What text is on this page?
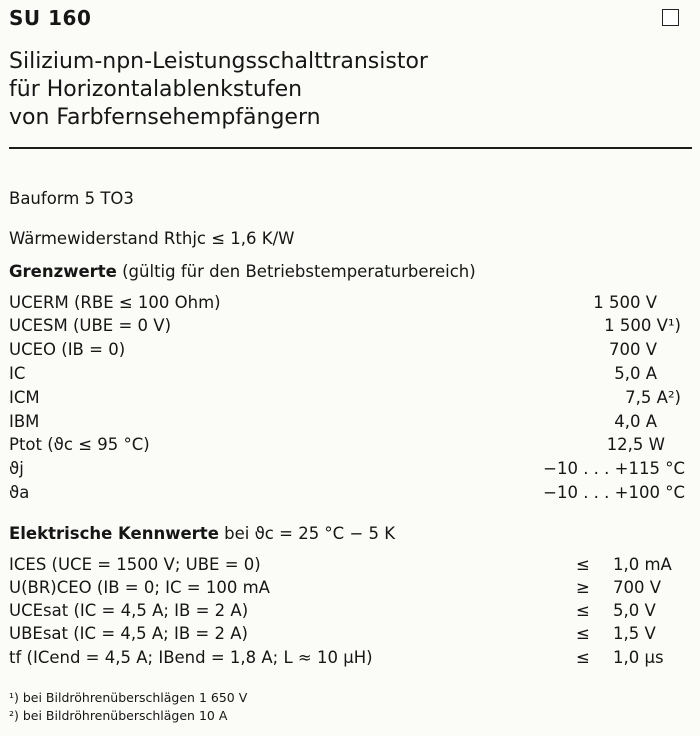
SU 160
Silizium-npn-Leistungsschalttransistor
für Horizontalablenkstufen
von Farbfernsehempfängern
Bauform 5 TO3
Wärmewiderstand Rthjc ≤ 1,6 K/W
Grenzwerte (gültig für den Betriebstemperaturbereich)
UCERM (RBE ≤ 100 Ohm)	1 500 V
UCESM (UBE = 0 V)	1 500 V¹)
UCEO (IB = 0)	700 V
IC	5,0 A
ICM	7,5 A²)
IBM	4,0 A
Ptot (ϑc ≤ 95 °C)	12,5 W
ϑj	−10 . . . +115 °C
ϑa	−10 . . . +100 °C
Elektrische Kennwerte bei ϑc = 25 °C − 5 K
ICES (UCE = 1500 V; UBE = 0)	≤ 1,0 mA
U(BR)CEO (IB = 0; IC = 100 mA	≥ 700 V
UCEsat (IC = 4,5 A; IB = 2 A)	≤ 5,0 V
UBEsat (IC = 4,5 A; IB = 2 A)	≤ 1,5 V
tf (ICend = 4,5 A; IBend = 1,8 A; L ≈ 10 μH)	≤ 1,0 μs
¹) bei Bildröhrenüberschlägen 1 650 V
²) bei Bildröhrenüberschlägen 10 A
